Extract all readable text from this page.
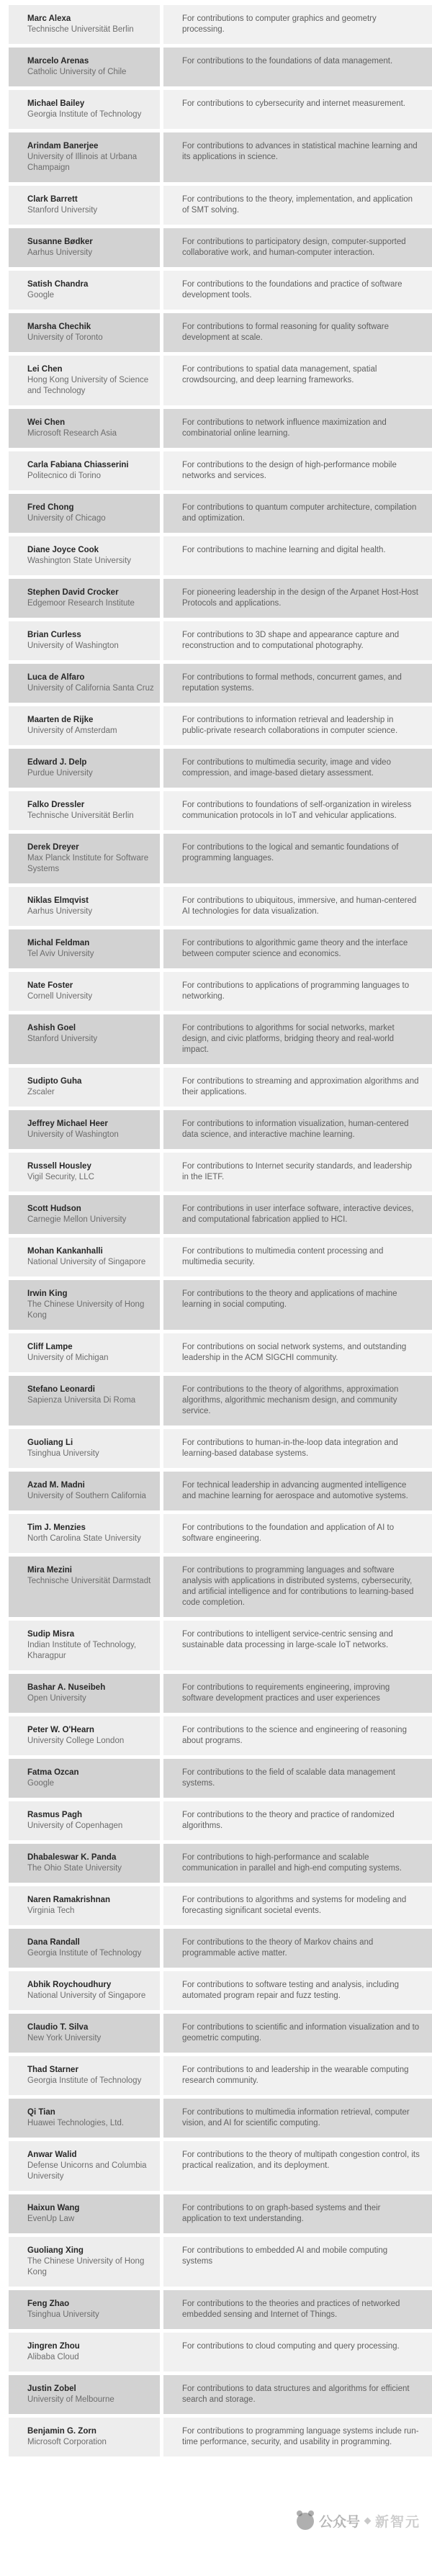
Marc Alexa
Technische Universität Berlin
For contributions to computer graphics and geometry processing.
Marcelo Arenas
Catholic University of Chile
For contributions to the foundations of data management.
Michael Bailey
Georgia Institute of Technology
For contributions to cybersecurity and internet measurement.
Arindam Banerjee
University of Illinois at Urbana Champaign
For contributions to advances in statistical machine learning and its applications in science.
Clark Barrett
Stanford University
For contributions to the theory, implementation, and application of SMT solving.
Susanne Bødker
Aarhus University
For contributions to participatory design, computer-supported collaborative work, and human-computer interaction.
Satish Chandra
Google
For contributions to the foundations and practice of software development tools.
Marsha Chechik
University of Toronto
For contributions to formal reasoning for quality software development at scale.
Lei Chen
Hong Kong University of Science and Technology
For contributions to spatial data management, spatial crowdsourcing, and deep learning frameworks.
Wei Chen
Microsoft Research Asia
For contributions to network influence maximization and combinatorial online learning.
Carla Fabiana Chiasserini
Politecnico di Torino
For contributions to the design of high-performance mobile networks and services.
Fred Chong
University of Chicago
For contributions to quantum computer architecture, compilation and optimization.
Diane Joyce Cook
Washington State University
For contributions to machine learning and digital health.
Stephen David Crocker
Edgemoor Research Institute
For pioneering leadership in the design of the Arpanet Host-Host Protocols and applications.
Brian Curless
University of Washington
For contributions to 3D shape and appearance capture and reconstruction and to computational photography.
Luca de Alfaro
University of California Santa Cruz
For contributions to formal methods, concurrent games, and reputation systems.
Maarten de Rijke
University of Amsterdam
For contributions to information retrieval and leadership in public-private research collaborations in computer science.
Edward J. Delp
Purdue University
For contributions to multimedia security, image and video compression, and image-based dietary assessment.
Falko Dressler
Technische Universität Berlin
For contributions to foundations of self-organization in wireless communication protocols in IoT and vehicular applications.
Derek Dreyer
Max Planck Institute for Software Systems
For contributions to the logical and semantic foundations of programming languages.
Niklas Elmqvist
Aarhus University
For contributions to ubiquitous, immersive, and human-centered AI technologies for data visualization.
Michal Feldman
Tel Aviv University
For contributions to algorithmic game theory and the interface between computer science and economics.
Nate Foster
Cornell University
For contributions to applications of programming languages to networking.
Ashish Goel
Stanford University
For contributions to algorithms for social networks, market design, and civic platforms, bridging theory and real-world impact.
Sudipto Guha
Zscaler
For contributions to streaming and approximation algorithms and their applications.
Jeffrey Michael Heer
University of Washington
For contributions to information visualization, human-centered data science, and interactive machine learning.
Russell Housley
Vigil Security, LLC
For contributions to Internet security standards, and leadership in the IETF.
Scott Hudson
Carnegie Mellon University
For contributions in user interface software, interactive devices, and computational fabrication applied to HCI.
Mohan Kankanhalli
National University of Singapore
For contributions to multimedia content processing and multimedia security.
Irwin King
The Chinese University of Hong Kong
For contributions to the theory and applications of machine learning in social computing.
Cliff Lampe
University of Michigan
For contributions on social network systems, and outstanding leadership in the ACM SIGCHI community.
Stefano Leonardi
Sapienza Universita Di Roma
For contributions to the theory of algorithms, approximation algorithms, algorithmic mechanism design, and community service.
Guoliang Li
Tsinghua University
For contributions to human-in-the-loop data integration and learning-based database systems.
Azad M. Madni
University of Southern California
For technical leadership in advancing augmented intelligence and machine learning for aerospace and automotive systems.
Tim J. Menzies
North Carolina State University
For contributions to the foundation and application of AI to software engineering.
Mira Mezini
Technische Universität Darmstadt
For contributions to programming languages and software analysis with applications in distributed systems, cybersecurity, and artificial intelligence and for contributions to learning-based code completion.
Sudip Misra
Indian Institute of Technology, Kharagpur
For contributions to intelligent service-centric sensing and sustainable data processing in large-scale IoT networks.
Bashar A. Nuseibeh
Open University
For contributions to requirements engineering, improving software development practices and user experiences
Peter W. O'Hearn
University College London
For contributions to the science and engineering of reasoning about programs.
Fatma Ozcan
Google
For contributions to the field of scalable data management systems.
Rasmus Pagh
University of Copenhagen
For contributions to the theory and practice of randomized algorithms.
Dhabaleswar K. Panda
The Ohio State University
For contributions to high-performance and scalable communication in parallel and high-end computing systems.
Naren Ramakrishnan
Virginia Tech
For contributions to algorithms and systems for modeling and forecasting significant societal events.
Dana Randall
Georgia Institute of Technology
For contributions to the theory of Markov chains and programmable active matter.
Abhik Roychoudhury
National University of Singapore
For contributions to software testing and analysis, including automated program repair and fuzz testing.
Claudio T. Silva
New York University
For contributions to scientific and information visualization and to geometric computing.
Thad Starner
Georgia Institute of Technology
For contributions to and leadership in the wearable computing research community.
Qi Tian
Huawei Technologies, Ltd.
For contributions to multimedia information retrieval, computer vision, and AI for scientific computing.
Anwar Walid
Defense Unicorns and Columbia University
For contributions to the theory of multipath congestion control, its practical realization, and its deployment.
Haixun Wang
EvenUp Law
For contributions to on graph-based systems and their application to text understanding.
Guoliang Xing
The Chinese University of Hong Kong
For contributions to embedded AI and mobile computing systems
Feng Zhao
Tsinghua University
For contributions to the theories and practices of networked embedded sensing and Internet of Things.
Jingren Zhou
Alibaba Cloud
For contributions to cloud computing and query processing.
Justin Zobel
University of Melbourne
For contributions to data structures and algorithms for efficient search and storage.
Benjamin G. Zorn
Microsoft Corporation
For contributions to programming language systems include run-time performance, security, and usability in programming.
公众号 新智元
